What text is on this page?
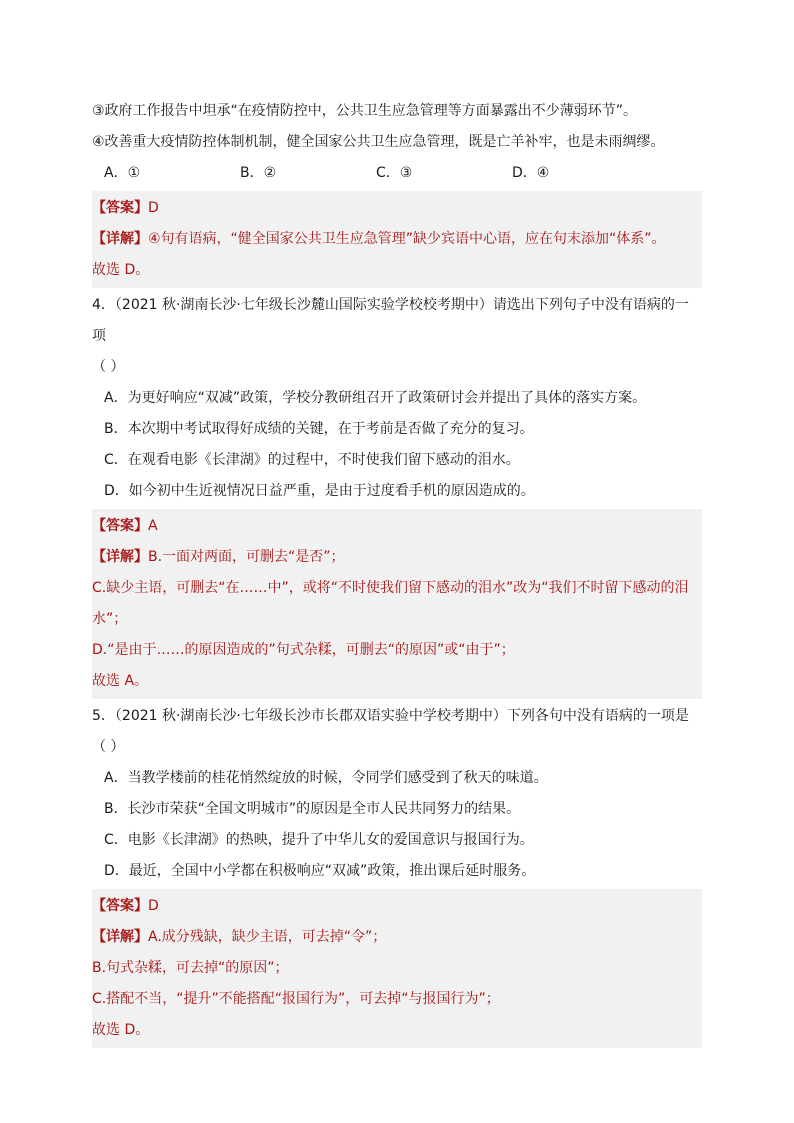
③政府工作报告中坦承“在疫情防控中，公共卫生应急管理等方面暴露出不少薄弱环节”。
④改善重大疫情防控体制机制，健全国家公共卫生应急管理，既是亡羊补牢，也是未雨绸缪。
A．①	B．②	C．③	D．④
【答案】D
【详解】④句有语病，“健全国家公共卫生应急管理”缺少宾语中心语，应在句末添加“体系”。
故选 D。
4．（2021 秋·湖南长沙·七年级长沙麓山国际实验学校校考期中）请选出下列句子中没有语病的一项
（ ）
A．为更好响应“双减”政策，学校分教研组召开了政策研讨会并提出了具体的落实方案。
B．本次期中考试取得好成绩的关键，在于考前是否做了充分的复习。
C．在观看电影《长津湖》的过程中，不时使我们留下感动的泪水。
D．如今初中生近视情况日益严重，是由于过度看手机的原因造成的。
【答案】A
【详解】B.一面对两面，可删去“是否”；
C.缺少主语，可删去“在……中”，或将“不时使我们留下感动的泪水”改为“我们不时留下感动的泪
水”；
D.“是由于……的原因造成的”句式杂糅，可删去“的原因”或“由于”；
故选 A。
5．（2021 秋·湖南长沙·七年级长沙市长郡双语实验中学校考期中）下列各句中没有语病的一项是
（ ）
A．当教学楼前的桂花悄然绽放的时候，令同学们感受到了秋天的味道。
B．长沙市荣获“全国文明城市”的原因是全市人民共同努力的结果。
C．电影《长津湖》的热映，提升了中华儿女的爱国意识与报国行为。
D．最近，全国中小学都在积极响应“双减”政策，推出课后延时服务。
【答案】D
【详解】A.成分残缺，缺少主语，可去掉“令”；
B.句式杂糅，可去掉“的原因”；
C.搭配不当，“提升”不能搭配“报国行为”，可去掉“与报国行为”；
故选 D。
